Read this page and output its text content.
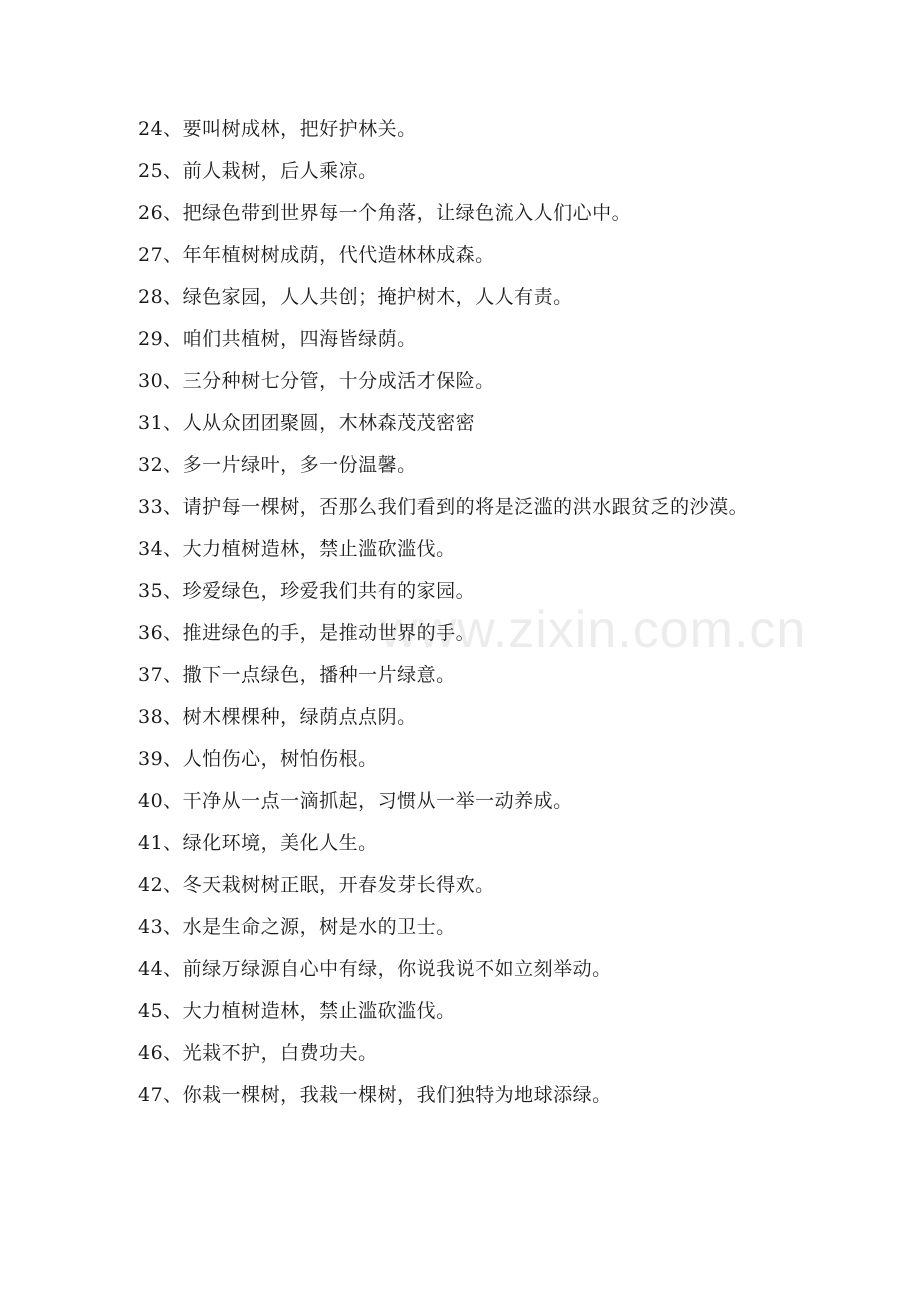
24、要叫树成林，把好护林关。
25、前人栽树，后人乘凉。
26、把绿色带到世界每一个角落，让绿色流入人们心中。
27、年年植树树成荫，代代造林林成森。
28、绿色家园，人人共创；掩护树木，人人有责。
29、咱们共植树，四海皆绿荫。
30、三分种树七分管，十分成活才保险。
31、人从众团团聚圆，木林森茂茂密密
32、多一片绿叶，多一份温馨。
33、请护每一棵树，否那么我们看到的将是泛滥的洪水跟贫乏的沙漠。
34、大力植树造林，禁止滥砍滥伐。
35、珍爱绿色，珍爱我们共有的家园。
36、推进绿色的手，是推动世界的手。
37、撒下一点绿色，播种一片绿意。
38、树木棵棵种，绿荫点点阴。
39、人怕伤心，树怕伤根。
40、干净从一点一滴抓起，习惯从一举一动养成。
41、绿化环境，美化人生。
42、冬天栽树树正眠，开春发芽长得欢。
43、水是生命之源，树是水的卫士。
44、前绿万绿源自心中有绿，你说我说不如立刻举动。
45、大力植树造林，禁止滥砍滥伐。
46、光栽不护，白费功夫。
47、你栽一棵树，我栽一棵树，我们独特为地球添绿。
www.zixin.com.cn
